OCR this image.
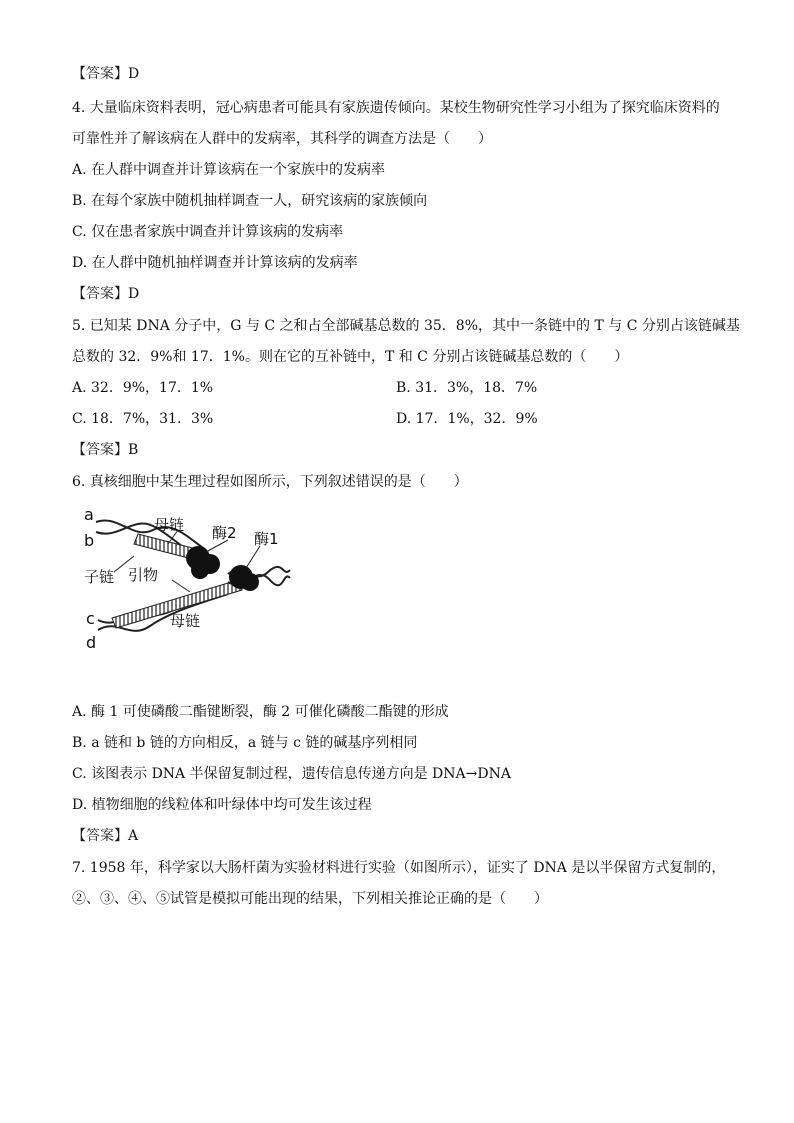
【答案】D
4. 大量临床资料表明，冠心病患者可能具有家族遗传倾向。某校生物研究性学习小组为了探究临床资料的
可靠性并了解该病在人群中的发病率，其科学的调查方法是（　　）
A. 在人群中调查并计算该病在一个家族中的发病率
B. 在每个家族中随机抽样调查一人，研究该病的家族倾向
C. 仅在患者家族中调查并计算该病的发病率
D. 在人群中随机抽样调查并计算该病的发病率
【答案】D
5. 已知某 DNA 分子中，G 与 C 之和占全部碱基总数的 35．8%，其中一条链中的 T 与 C 分别占该链碱基
总数的 32．9%和 17．1%。则在它的互补链中，T 和 C 分别占该链碱基总数的（　　）
A. 32．9%，17．1%	B. 31．3%，18．7%
C. 18．7%，31．3%	D. 17．1%，32．9%
【答案】B
6. 真核细胞中某生理过程如图所示，下列叙述错误的是（　　）
a
b
c
d
母链 酶2 酶1
子链 引物
母链
A. 酶 1 可使磷酸二酯键断裂，酶 2 可催化磷酸二酯键的形成
B. a 链和 b 链的方向相反，a 链与 c 链的碱基序列相同
C. 该图表示 DNA 半保留复制过程，遗传信息传递方向是 DNA→DNA
D. 植物细胞的线粒体和叶绿体中均可发生该过程
【答案】A
7. 1958 年，科学家以大肠杆菌为实验材料进行实验（如图所示），证实了 DNA 是以半保留方式复制的，
②、③、④、⑤试管是模拟可能出现的结果，下列相关推论正确的是（　　）
